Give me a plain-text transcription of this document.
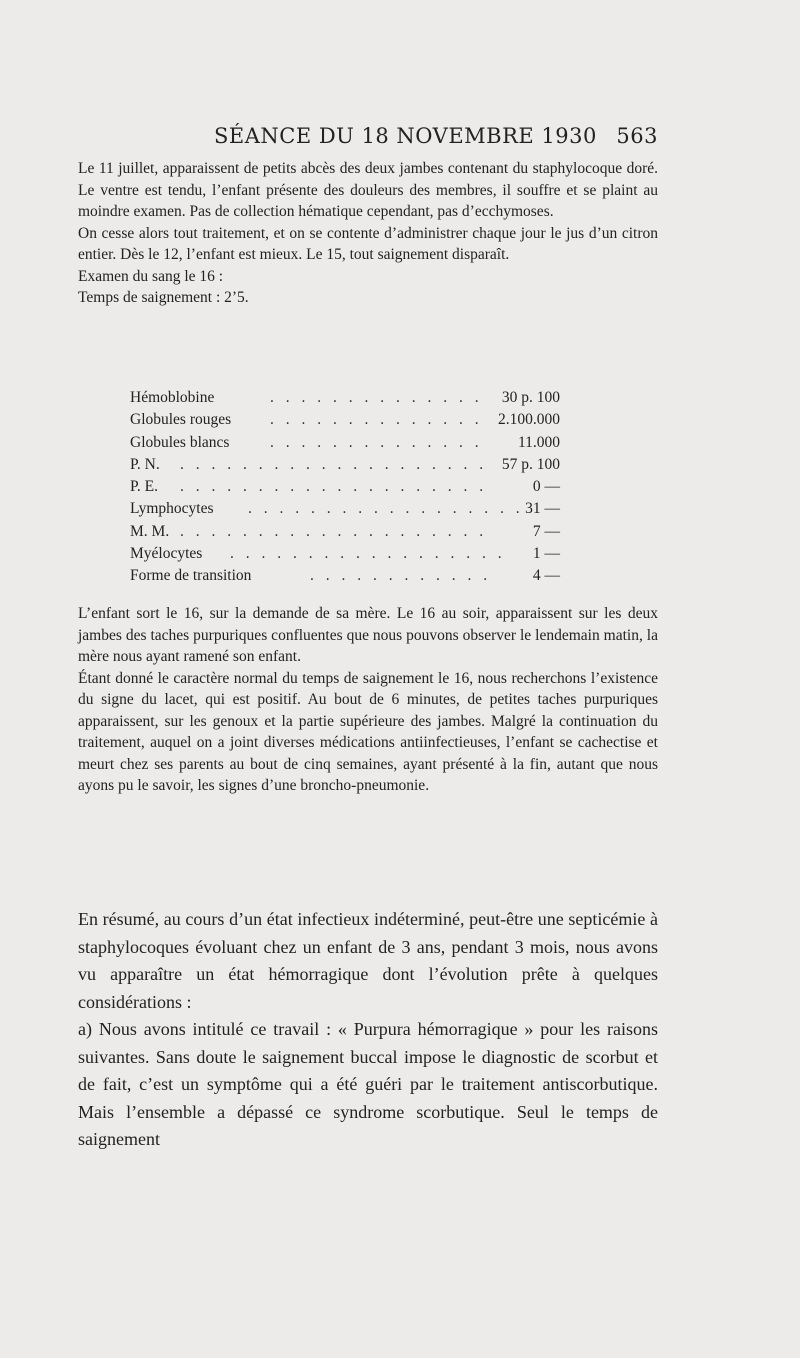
SÉANCE DU 18 NOVEMBRE 1930 563

Le 11 juillet, apparaissent de petits abcès des deux jambes contenant du staphylocoque doré. Le ventre est tendu, l’enfant présente des douleurs des membres, il souffre et se plaint au moindre examen. Pas de collection hématique cependant, pas d’ecchymoses.

On cesse alors tout traitement, et on se contente d’administrer chaque jour le jus d’un citron entier. Dès le 12, l’enfant est mieux. Le 15, tout saignement disparaît.

Examen du sang le 16 :

Temps de saignement : 2’5.

Hémoblobine	. . . . . . . . . . . . . . 30 p. 100
Globules rouges	. . . . . . . . . . . . . . 2.100.000
Globules blancs	. . . . . . . . . . . . . . 11.000
P. N. . . . . . . . . . . . . . . . . . . . . 57 p. 100
P. E. . . . . . . . . . . . . . . . . . . . .	0 —
Lymphocytes . . . . . . . . . . . . . . . . . . 31 —
M. M. . . . . . . . . . . . . . . . . . . . .	7 —
Myélocytes . . . . . . . . . . . . . . . . . . 1 —
Forme de transition	. . . . . . . . . . . .	4 —

L’enfant sort le 16, sur la demande de sa mère. Le 16 au soir, apparaissent sur les deux jambes des taches purpuriques confluentes que nous pouvons observer le lendemain matin, la mère nous ayant ramené son enfant.

Étant donné le caractère normal du temps de saignement le 16, nous recherchons l’existence du signe du lacet, qui est positif. Au bout de 6 minutes, de petites taches purpuriques apparaissent, sur les genoux et la partie supérieure des jambes. Malgré la continuation du traitement, auquel on a joint diverses médications antiinfectieuses, l’enfant se cachectise et meurt chez ses parents au bout de cinq semaines, ayant présenté à la fin, autant que nous ayons pu le savoir, les signes d’une broncho-pneumonie.

En résumé, au cours d’un état infectieux indéterminé, peut-être une septicémie à staphylocoques évoluant chez un enfant de 3 ans, pendant 3 mois, nous avons vu apparaître un état hémorragique dont l’évolution prête à quelques considérations :

a) Nous avons intitulé ce travail : « Purpura hémorragique » pour les raisons suivantes. Sans doute le saignement buccal impose le diagnostic de scorbut et de fait, c’est un symptôme qui a été guéri par le traitement antiscorbutique. Mais l’ensemble a dépassé ce syndrome scorbutique. Seul le temps de saignement
